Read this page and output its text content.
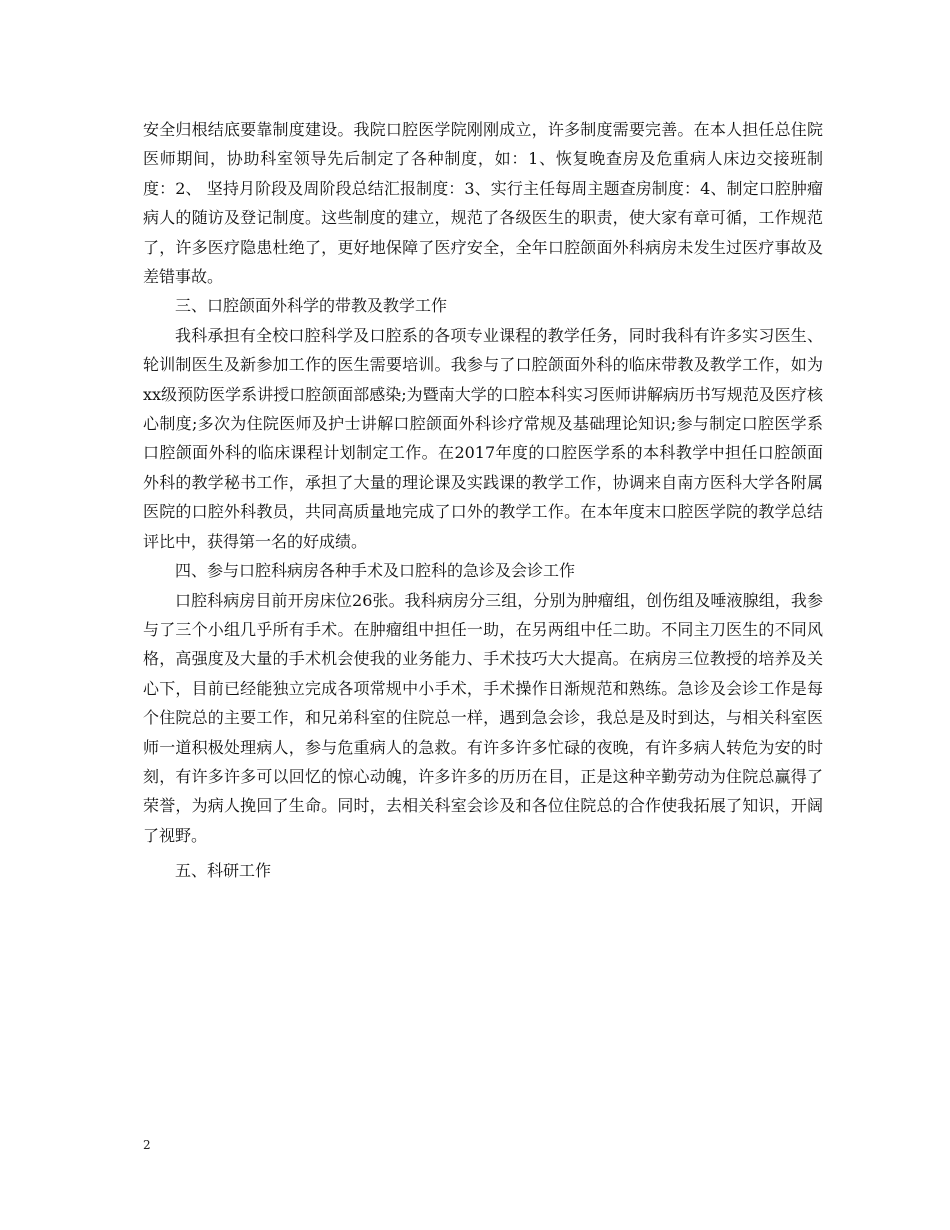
安全归根结底要靠制度建设。我院口腔医学院刚刚成立，许多制度需要完善。在本人担任总住院医师期间，协助科室领导先后制定了各种制度，如：1、恢复晚查房及危重病人床边交接班制度：2、 坚持月阶段及周阶段总结汇报制度：3、实行主任每周主题查房制度：4、制定口腔肿瘤病人的随访及登记制度。这些制度的建立，规范了各级医生的职责，使大家有章可循，工作规范了，许多医疗隐患杜绝了，更好地保障了医疗安全，全年口腔颌面外科病房未发生过医疗事故及差错事故。

三、口腔颌面外科学的带教及教学工作

我科承担有全校口腔科学及口腔系的各项专业课程的教学任务，同时我科有许多实习医生、轮训制医生及新参加工作的医生需要培训。我参与了口腔颌面外科的临床带教及教学工作，如为xx级预防医学系讲授口腔颌面部感染;为暨南大学的口腔本科实习医师讲解病历书写规范及医疗核心制度;多次为住院医师及护士讲解口腔颌面外科诊疗常规及基础理论知识;参与制定口腔医学系口腔颌面外科的临床课程计划制定工作。在2017年度的口腔医学系的本科教学中担任口腔颌面外科的教学秘书工作，承担了大量的理论课及实践课的教学工作，协调来自南方医科大学各附属医院的口腔外科教员，共同高质量地完成了口外的教学工作。在本年度末口腔医学院的教学总结评比中，获得第一名的好成绩。

四、参与口腔科病房各种手术及口腔科的急诊及会诊工作

口腔科病房目前开房床位26张。我科病房分三组，分别为肿瘤组，创伤组及唾液腺组，我参与了三个小组几乎所有手术。在肿瘤组中担任一助，在另两组中任二助。不同主刀医生的不同风格，高强度及大量的手术机会使我的业务能力、手术技巧大大提高。在病房三位教授的培养及关心下，目前已经能独立完成各项常规中小手术，手术操作日渐规范和熟练。急诊及会诊工作是每个住院总的主要工作，和兄弟科室的住院总一样，遇到急会诊，我总是及时到达，与相关科室医师一道积极处理病人，参与危重病人的急救。有许多许多忙碌的夜晚，有许多病人转危为安的时刻，有许多许多可以回忆的惊心动魄，许多许多的历历在目，正是这种辛勤劳动为住院总赢得了荣誉，为病人挽回了生命。同时，去相关科室会诊及和各位住院总的合作使我拓展了知识，开阔了视野。

五、科研工作

2
